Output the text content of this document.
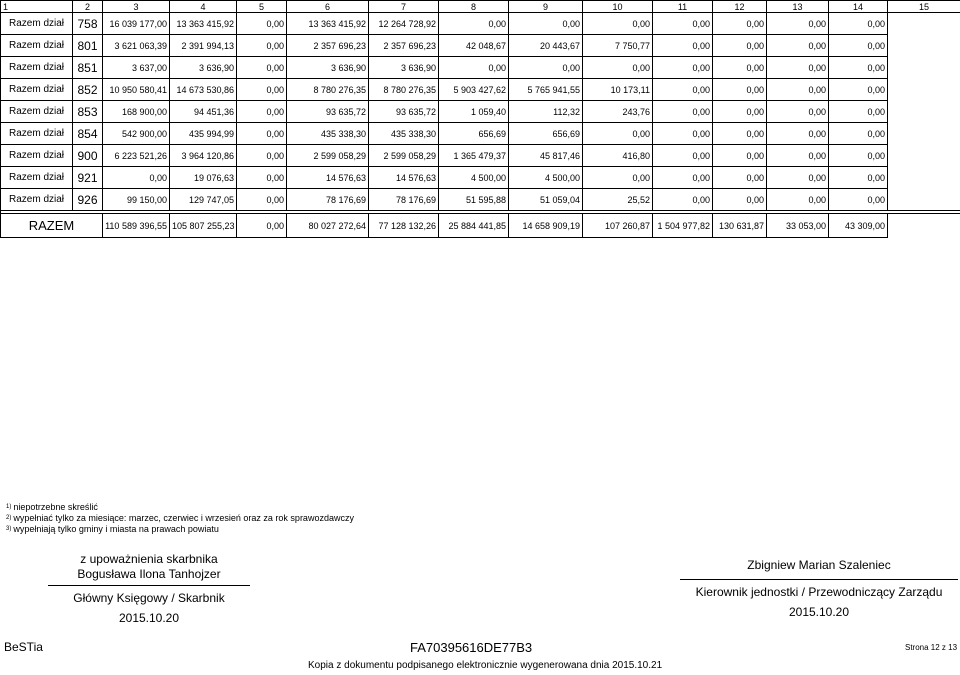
1	2	3	4	5	6	7	8	9	10	11	12	13	14	15
Razem dział	758	16 039 177,00	13 363 415,92	0,00	13 363 415,92	12 264 728,92	0,00	0,00	0,00	0,00	0,00	0,00	0,00	
Razem dział	801	3 621 063,39	2 391 994,13	0,00	2 357 696,23	2 357 696,23	42 048,67	20 443,67	7 750,77	0,00	0,00	0,00	0,00	
Razem dział	851	3 637,00	3 636,90	0,00	3 636,90	3 636,90	0,00	0,00	0,00	0,00	0,00	0,00	0,00	
Razem dział	852	10 950 580,41	14 673 530,86	0,00	8 780 276,35	8 780 276,35	5 903 427,62	5 765 941,55	10 173,11	0,00	0,00	0,00	0,00	
Razem dział	853	168 900,00	94 451,36	0,00	93 635,72	93 635,72	1 059,40	112,32	243,76	0,00	0,00	0,00	0,00	
Razem dział	854	542 900,00	435 994,99	0,00	435 338,30	435 338,30	656,69	656,69	0,00	0,00	0,00	0,00	0,00	
Razem dział	900	6 223 521,26	3 964 120,86	0,00	2 599 058,29	2 599 058,29	1 365 479,37	45 817,46	416,80	0,00	0,00	0,00	0,00	
Razem dział	921	0,00	19 076,63	0,00	14 576,63	14 576,63	4 500,00	4 500,00	0,00	0,00	0,00	0,00	0,00	
Razem dział	926	99 150,00	129 747,05	0,00	78 176,69	78 176,69	51 595,88	51 059,04	25,52	0,00	0,00	0,00	0,00	

RAZEM		110 589 396,55	105 807 255,23	0,00	80 027 272,64	77 128 132,26	25 884 441,85	14 658 909,19	107 260,87	1 504 977,82	130 631,87	33 053,00	43 309,00	
$^{1)}$ niepotrzebne skreślić
$^{2)}$ wypełniać tylko za miesiące: marzec, czerwiec i wrzesień oraz za rok sprawozdawczy
$^{3)}$ wypełniają tylko gminy i miasta na prawach powiatu
z upoważnienia skarbnika
Bogusława Ilona Tanhojzer
Główny Księgowy / Skarbnik
2015.10.20
Zbigniew Marian Szaleniec
Kierownik jednostki / Przewodniczący Zarządu
2015.10.20
BeSTia	FA70395616DE77B3	Strona 12 z 13
Kopia z dokumentu podpisanego elektronicznie wygenerowana dnia 2015.10.21
